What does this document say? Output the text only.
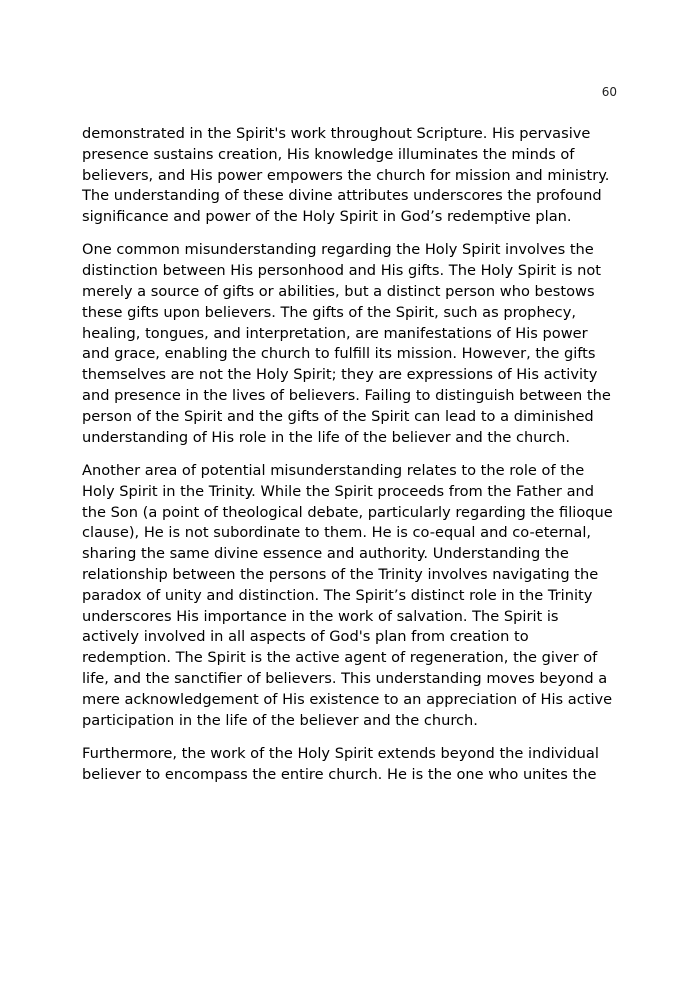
60

demonstrated in the Spirit's work throughout Scripture. His pervasive presence sustains creation, His knowledge illuminates the minds of believers, and His power empowers the church for mission and ministry. The understanding of these divine attributes underscores the profound significance and power of the Holy Spirit in God’s redemptive plan.

One common misunderstanding regarding the Holy Spirit involves the distinction between His personhood and His gifts. The Holy Spirit is not merely a source of gifts or abilities, but a distinct person who bestows these gifts upon believers. The gifts of the Spirit, such as prophecy, healing, tongues, and interpretation, are manifestations of His power and grace, enabling the church to fulfill its mission. However, the gifts themselves are not the Holy Spirit; they are expressions of His activity and presence in the lives of believers. Failing to distinguish between the person of the Spirit and the gifts of the Spirit can lead to a diminished understanding of His role in the life of the believer and the church.

Another area of potential misunderstanding relates to the role of the Holy Spirit in the Trinity. While the Spirit proceeds from the Father and the Son (a point of theological debate, particularly regarding the filioque clause), He is not subordinate to them. He is co-equal and co-eternal, sharing the same divine essence and authority. Understanding the relationship between the persons of the Trinity involves navigating the paradox of unity and distinction. The Spirit’s distinct role in the Trinity underscores His importance in the work of salvation. The Spirit is actively involved in all aspects of God's plan from creation to redemption. The Spirit is the active agent of regeneration, the giver of life, and the sanctifier of believers. This understanding moves beyond a mere acknowledgement of His existence to an appreciation of His active participation in the life of the believer and the church.

Furthermore, the work of the Holy Spirit extends beyond the individual believer to encompass the entire church. He is the one who unites the
